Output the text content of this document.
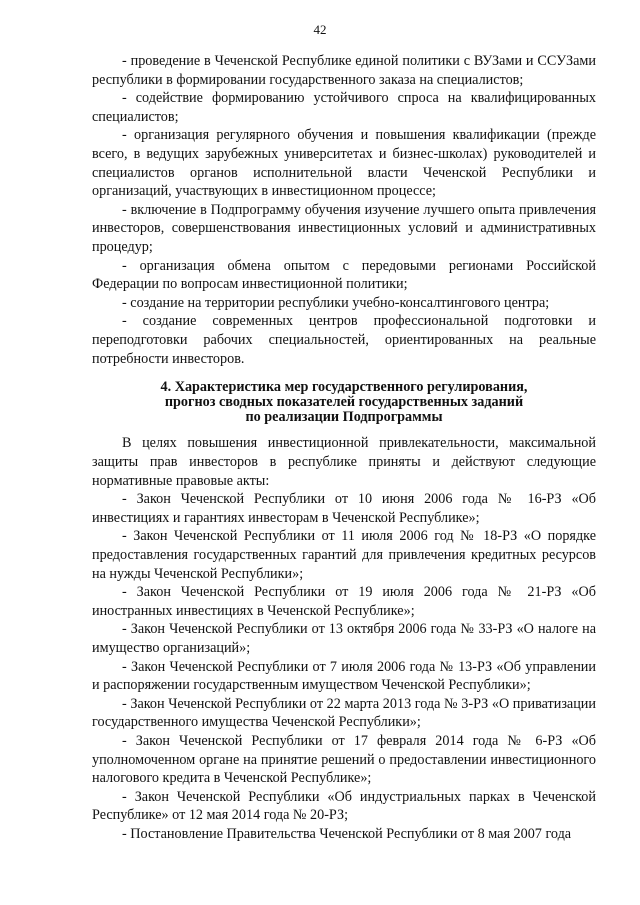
42

- проведение в Чеченской Республике единой политики с ВУЗами и ССУЗами республики в формировании государственного заказа на специалистов;

- содействие формированию устойчивого спроса на квалифицированных специалистов;

- организация регулярного обучения и повышения квалификации (прежде всего, в ведущих зарубежных университетах и бизнес-школах) руководителей и специалистов органов исполнительной власти Чеченской Республики и организаций, участвующих в инвестиционном процессе;

- включение в Подпрограмму обучения изучение лучшего опыта привлечения инвесторов, совершенствования инвестиционных условий и административных процедур;

- организация обмена опытом с передовыми регионами Российской Федерации по вопросам инвестиционной политики;

- создание на территории республики учебно-консалтингового центра;

- создание современных центров профессиональной подготовки и переподготовки рабочих специальностей, ориентированных на реальные потребности инвесторов.

4. Характеристика мер государственного регулирования,
прогноз сводных показателей государственных заданий
по реализации Подпрограммы

В целях повышения инвестиционной привлекательности, максимальной защиты прав инвесторов в республике приняты и действуют следующие нормативные правовые акты:

- Закон Чеченской Республики от 10 июня 2006 года № 16-РЗ «Об инвестициях и гарантиях инвесторам в Чеченской Республике»;

- Закон Чеченской Республики от 11 июля 2006 год № 18-РЗ «О порядке предоставления государственных гарантий для привлечения кредитных ресурсов на нужды Чеченской Республики»;

- Закон Чеченской Республики от 19 июля 2006 года № 21-РЗ «Об иностранных инвестициях в Чеченской Республике»;

- Закон Чеченской Республики от 13 октября 2006 года № 33-РЗ «О налоге на имущество организаций»;

- Закон Чеченской Республики от 7 июля 2006 года № 13-РЗ «Об управлении и распоряжении государственным имуществом Чеченской Республики»;

- Закон Чеченской Республики от 22 марта 2013 года № 3-РЗ «О приватизации государственного имущества Чеченской Республики»;

- Закон Чеченской Республики от 17 февраля 2014 года № 6-РЗ «Об уполномоченном органе на принятие решений о предоставлении инвестиционного налогового кредита в Чеченской Республике»;

- Закон Чеченской Республики «Об индустриальных парках в Чеченской Республике» от 12 мая 2014 года № 20-РЗ;

- Постановление Правительства Чеченской Республики от 8 мая 2007 года
